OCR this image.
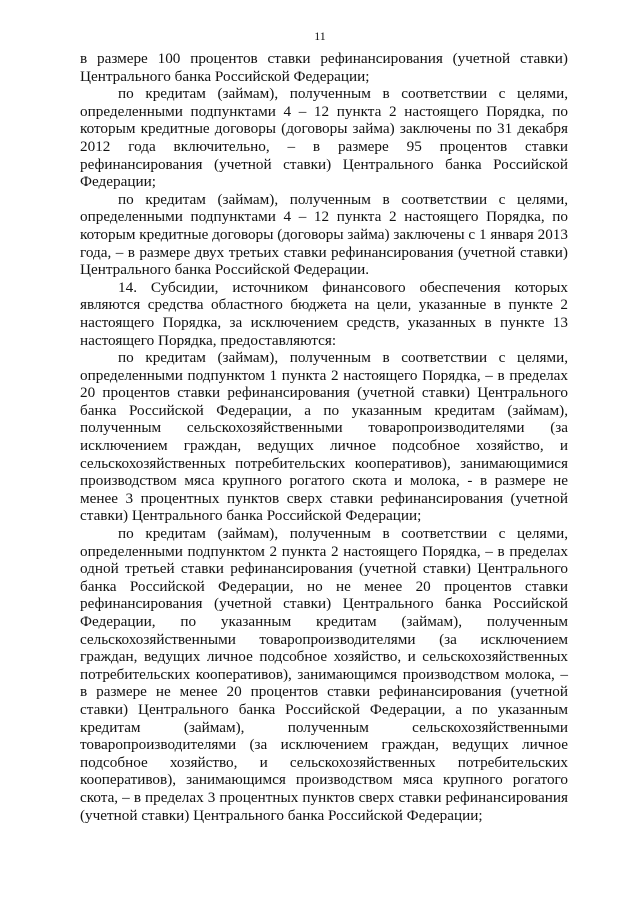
11

в размере 100 процентов ставки рефинансирования (учетной ставки) Центрального банка Российской Федерации;

по кредитам (займам), полученным в соответствии с целями, определенными подпунктами 4 – 12 пункта 2 настоящего Порядка, по которым кредитные договоры (договоры займа) заключены по 31 декабря 2012 года включительно, – в размере 95 процентов ставки рефинансирования (учетной ставки) Центрального банка Российской Федерации;

по кредитам (займам), полученным в соответствии с целями, определенными подпунктами 4 – 12 пункта 2 настоящего Порядка, по которым кредитные договоры (договоры займа) заключены с 1 января 2013 года, – в размере двух третьих ставки рефинансирования (учетной ставки) Центрального банка Российской Федерации.

14. Субсидии, источником финансового обеспечения которых являются средства областного бюджета на цели, указанные в пункте 2 настоящего Порядка, за исключением средств, указанных в пункте 13 настоящего Порядка, предоставляются:

по кредитам (займам), полученным в соответствии с целями, определенными подпунктом 1 пункта 2 настоящего Порядка, – в пределах 20 процентов ставки рефинансирования (учетной ставки) Центрального банка Российской Федерации, а по указанным кредитам (займам), полученным сельскохозяйственными товаропроизводителями (за исключением граждан, ведущих личное подсобное хозяйство, и сельскохозяйственных потребительских кооперативов), занимающимися производством мяса крупного рогатого скота и молока, - в размере не менее 3 процентных пунктов сверх ставки рефинансирования (учетной ставки) Центрального банка Российской Федерации;

по кредитам (займам), полученным в соответствии с целями, определенными подпунктом 2 пункта 2 настоящего Порядка, – в пределах одной третьей ставки рефинансирования (учетной ставки) Центрального банка Российской Федерации, но не менее 20 процентов ставки рефинансирования (учетной ставки) Центрального банка Российской Федерации, по указанным кредитам (займам), полученным сельскохозяйственными товаропроизводителями (за исключением граждан, ведущих личное подсобное хозяйство, и сельскохозяйственных потребительских кооперативов), занимающимся производством молока, – в размере не менее 20 процентов ставки рефинансирования (учетной ставки) Центрального банка Российской Федерации, а по указанным кредитам (займам), полученным сельскохозяйственными товаропроизводителями (за исключением граждан, ведущих личное подсобное хозяйство, и сельскохозяйственных потребительских кооперативов), занимающимся производством мяса крупного рогатого скота, – в пределах 3 процентных пунктов сверх ставки рефинансирования (учетной ставки) Центрального банка Российской Федерации;
